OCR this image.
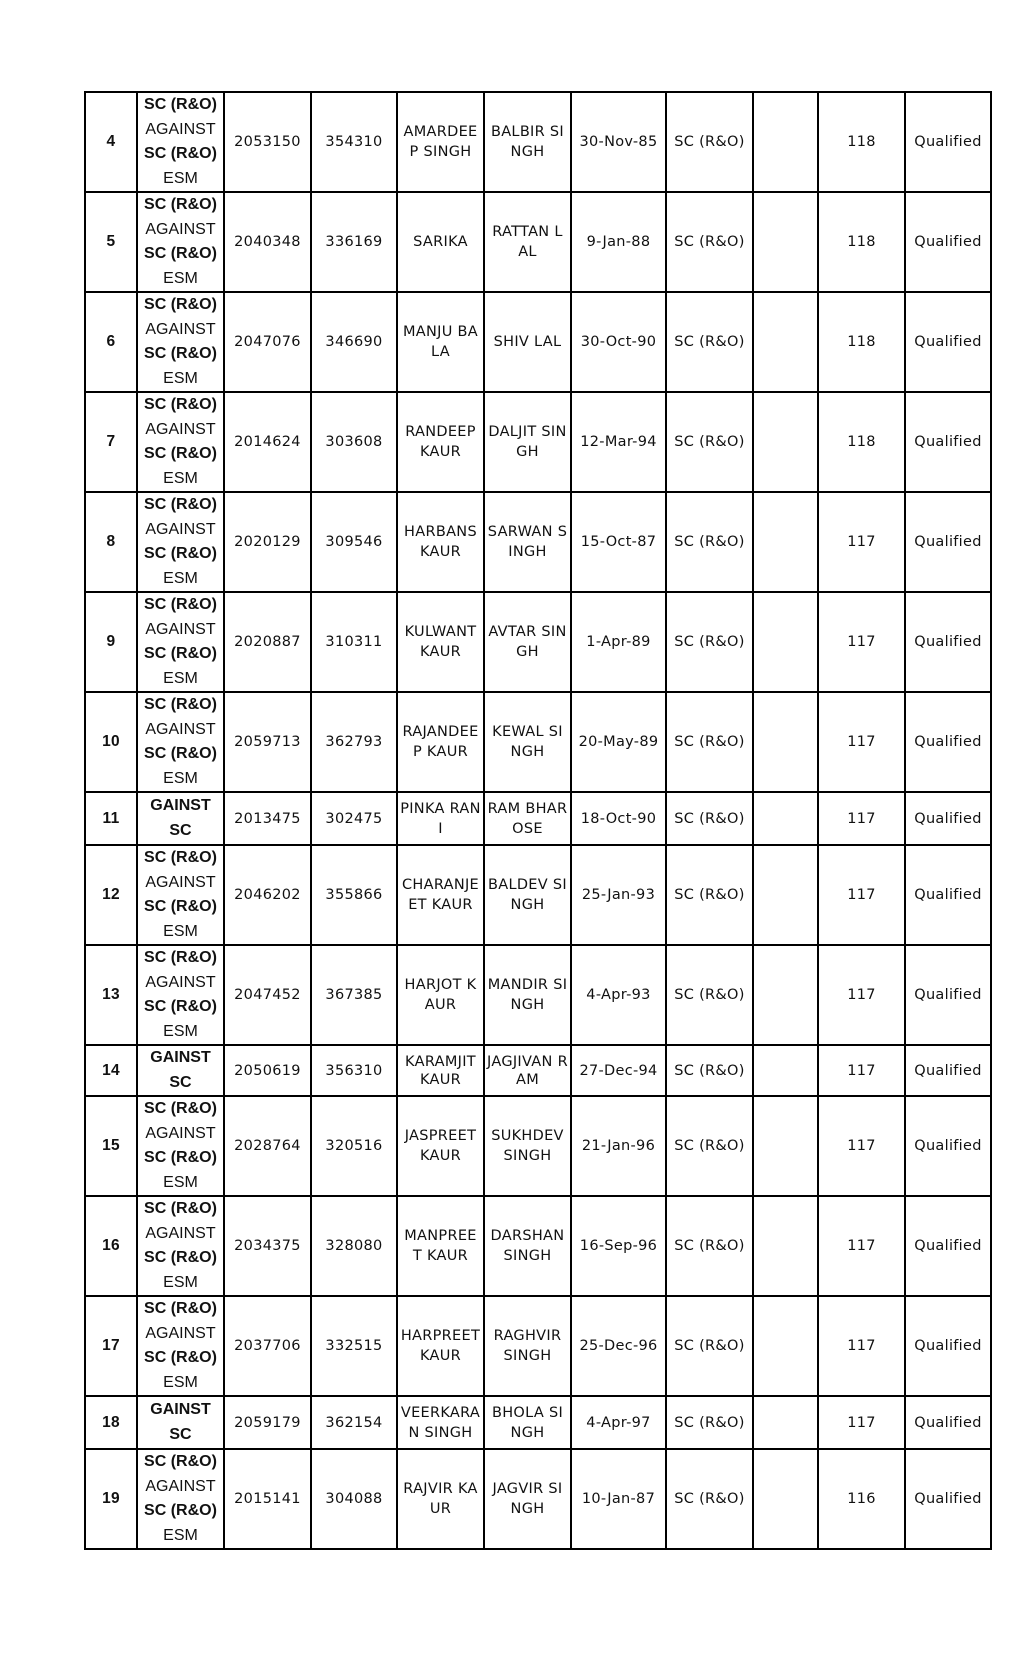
4	SC (R&O)
AGAINST
SC (R&O)
ESM	2053150	354310	AMARDEEP SINGH	BALBIR SINGH	30-Nov-85	SC (R&O)		118	Qualified
5	SC (R&O)
AGAINST
SC (R&O)
ESM	2040348	336169	SARIKA	RATTAN LAL	9-Jan-88	SC (R&O)		118	Qualified
6	SC (R&O)
AGAINST
SC (R&O)
ESM	2047076	346690	MANJU BALA	SHIV LAL	30-Oct-90	SC (R&O)		118	Qualified
7	SC (R&O)
AGAINST
SC (R&O)
ESM	2014624	303608	RANDEEP KAUR	DALJIT SINGH	12-Mar-94	SC (R&O)		118	Qualified
8	SC (R&O)
AGAINST
SC (R&O)
ESM	2020129	309546	HARBANS KAUR	SARWAN SINGH	15-Oct-87	SC (R&O)		117	Qualified
9	SC (R&O)
AGAINST
SC (R&O)
ESM	2020887	310311	KULWANT KAUR	AVTAR SINGH	1-Apr-89	SC (R&O)		117	Qualified
10	SC (R&O)
AGAINST
SC (R&O)
ESM	2059713	362793	RAJANDEEP KAUR	KEWAL SINGH	20-May-89	SC (R&O)		117	Qualified
11	GAINST SC	2013475	302475	PINKA RANI	RAM BHAROSE	18-Oct-90	SC (R&O)		117	Qualified
12	SC (R&O)
AGAINST
SC (R&O)
ESM	2046202	355866	CHARANJEET KAUR	BALDEV SINGH	25-Jan-93	SC (R&O)		117	Qualified
13	SC (R&O)
AGAINST
SC (R&O)
ESM	2047452	367385	HARJOT KAUR	MANDIR SINGH	4-Apr-93	SC (R&O)		117	Qualified
14	GAINST SC	2050619	356310	KARAMJIT KAUR	JAGJIVAN RAM	27-Dec-94	SC (R&O)		117	Qualified
15	SC (R&O)
AGAINST
SC (R&O)
ESM	2028764	320516	JASPREET KAUR	SUKHDEV SINGH	21-Jan-96	SC (R&O)		117	Qualified
16	SC (R&O)
AGAINST
SC (R&O)
ESM	2034375	328080	MANPREET KAUR	DARSHAN SINGH	16-Sep-96	SC (R&O)		117	Qualified
17	SC (R&O)
AGAINST
SC (R&O)
ESM	2037706	332515	HARPREET KAUR	RAGHVIR SINGH	25-Dec-96	SC (R&O)		117	Qualified
18	GAINST SC	2059179	362154	VEERKARAN SINGH	BHOLA SINGH	4-Apr-97	SC (R&O)		117	Qualified
19	SC (R&O)
AGAINST
SC (R&O)
ESM	2015141	304088	RAJVIR KAUR	JAGVIR SINGH	10-Jan-87	SC (R&O)		116	Qualified
